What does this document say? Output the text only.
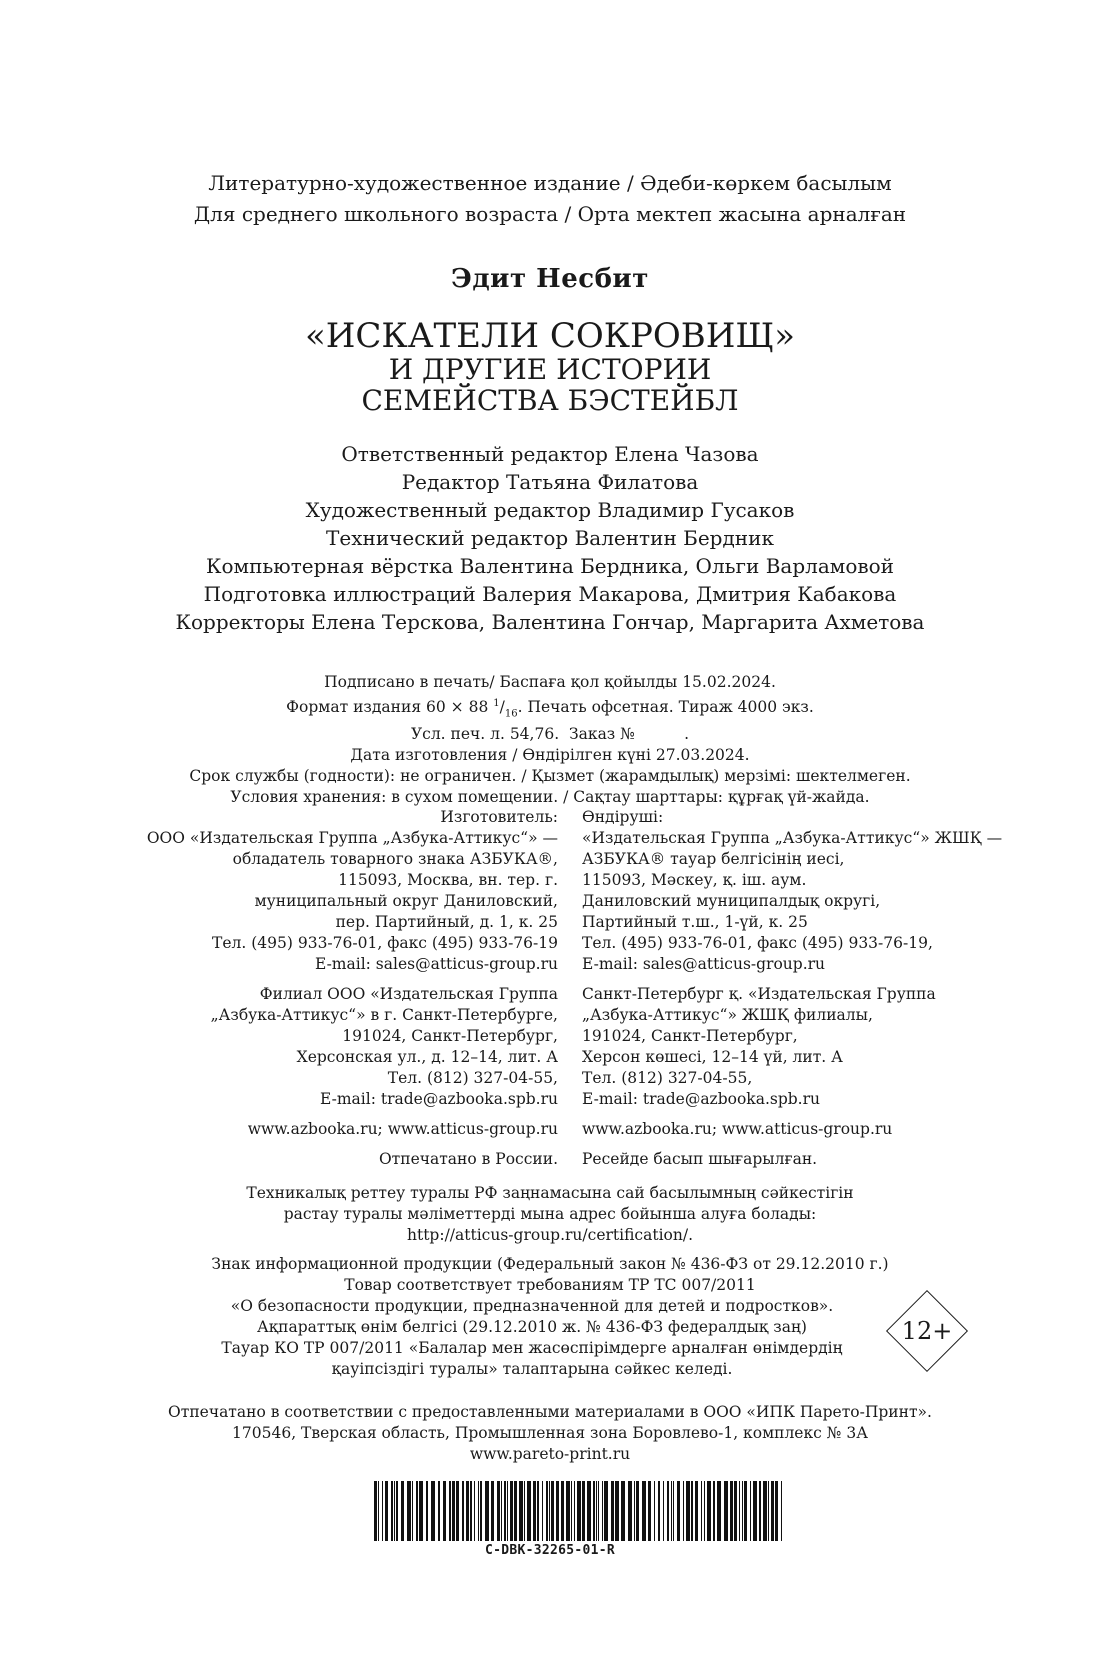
Литературно-художественное издание / Әдеби-көркем басылым
Для среднего школьного возраста / Орта мектеп жасына арналған
Эдит Несбит
«ИСКАТЕЛИ СОКРОВИЩ»
И ДРУГИЕ ИСТОРИИ
СЕМЕЙСТВА БЭСТЕЙБЛ
Ответственный редактор Елена Чазова
Редактор Татьяна Филатова
Художественный редактор Владимир Гусаков
Технический редактор Валентин Бердник
Компьютерная вёрстка Валентина Бердника, Ольги Варламовой
Подготовка иллюстраций Валерия Макарова, Дмитрия Кабакова
Корректоры Елена Терскова, Валентина Гончар, Маргарита Ахметова
Подписано в печать/ Баспаға қол қойылды 15.02.2024.
Формат издания 60 × 88 $^1/_{16}$. Печать офсетная. Тираж 4000 экз.
Усл. печ. л. 54,76.  Заказ №          .
Дата изготовления / Өндірілген күні 27.03.2024.
Срок службы (годности): не ограничен. / Қызмет (жарамдылық) мерзімі: шектелмеген.
Условия хранения: в сухом помещении. / Сақтау шарттары: құрғақ үй-жайда.
Изготовитель:
ООО «Издательская Группа „Азбука-Аттикус“» —
обладатель товарного знака АЗБУКА®,
115093, Москва, вн. тер. г.
муниципальный округ Даниловский,
пер. Партийный, д. 1, к. 25
Тел. (495) 933-76-01, факс (495) 933-76-19
E-mail: sales@atticus-group.ru
Өндіруші:
«Издательская Группа „Азбука-Аттикус“» ЖШҚ —
АЗБУКА® тауар белгісінің иесі,
115093, Мәскеу, қ. іш. аум.
Даниловский муниципалдық округі,
Партийный т.ш., 1-үй, к. 25
Тел. (495) 933-76-01, факс (495) 933-76-19,
E-mail: sales@atticus-group.ru
Филиал ООО «Издательская Группа
„Азбука-Аттикус“» в г. Санкт-Петербурге,
191024, Санкт-Петербург,
Херсонская ул., д. 12–14, лит. А
Тел. (812) 327-04-55,
E-mail: trade@azbooka.spb.ru
Санкт-Петербург қ. «Издательская Группа
„Азбука-Аттикус“» ЖШҚ филиалы,
191024, Санкт-Петербург,
Херсон көшесі, 12–14 үй, лит. А
Тел. (812) 327-04-55,
E-mail: trade@azbooka.spb.ru
www.azbooka.ru; www.atticus-group.ru	www.azbooka.ru; www.atticus-group.ru
Отпечатано в России.	Ресейде басып шығарылған.
Техникалық реттеу туралы РФ заңнамасына сай басылымның сәйкестігін
растау туралы мәліметтерді мына адрес бойынша алуға болады:
http://atticus-group.ru/certification/.
Знак информационной продукции (Федеральный закон № 436-ФЗ от 29.12.2010 г.)
Товар соответствует требованиям ТР ТС 007/2011
«О безопасности продукции, предназначенной для детей и подростков».
Ақпараттық өнім белгісі (29.12.2010 ж. № 436-ФЗ федералдық заң)
Тауар КО ТР 007/2011 «Балалар мен жасөспірімдерге арналған өнімдердің
қауіпсіздігі туралы» талаптарына сәйкес келеді.
12+
Отпечатано в соответствии с предоставленными материалами в ООО «ИПК Парето-Принт».
170546, Тверская область, Промышленная зона Боровлево-1, комплекс № 3А
www.pareto-print.ru
C-DBK-32265-01-R
